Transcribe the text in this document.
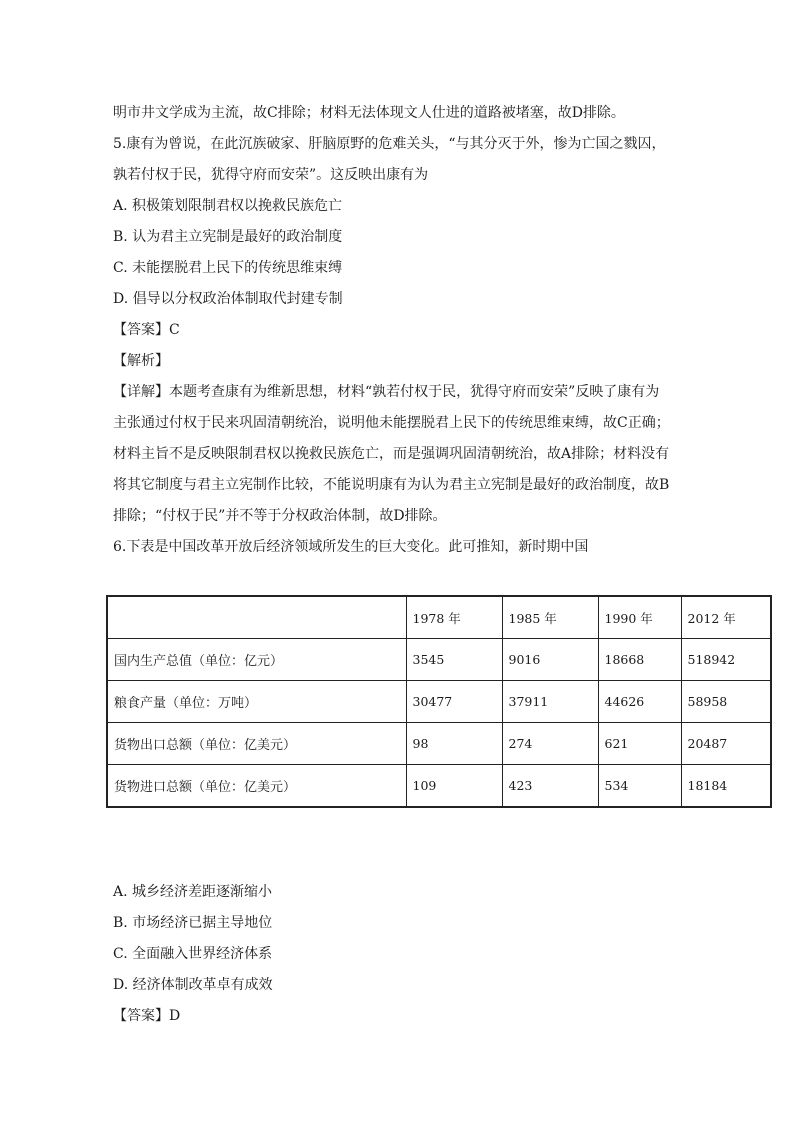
明市井文学成为主流，故C排除；材料无法体现文人仕进的道路被堵塞，故D排除。
5.康有为曾说，在此沉族破家、肝脑原野的危难关头，“与其分灭于外，惨为亡国之戮囚，
孰若付权于民，犹得守府而安荣”。这反映出康有为
A. 积极策划限制君权以挽救民族危亡
B. 认为君主立宪制是最好的政治制度
C. 未能摆脱君上民下的传统思维束缚
D. 倡导以分权政治体制取代封建专制
【答案】C
【解析】
【详解】本题考查康有为维新思想，材料“孰若付权于民，犹得守府而安荣”反映了康有为
主张通过付权于民来巩固清朝统治，说明他未能摆脱君上民下的传统思维束缚，故C正确；
材料主旨不是反映限制君权以挽救民族危亡，而是强调巩固清朝统治，故A排除；材料没有
将其它制度与君主立宪制作比较，不能说明康有为认为君主立宪制是最好的政治制度，故B
排除；“付权于民”并不等于分权政治体制，故D排除。
6.下表是中国改革开放后经济领域所发生的巨大变化。此可推知，新时期中国
	1978 年	1985 年	1990 年	2012 年
国内生产总值（单位：亿元）	3545	9016	18668	518942
粮食产量（单位：万吨）	30477	37911	44626	58958
货物出口总额（单位：亿美元）	98	274	621	20487
货物进口总额（单位：亿美元）	109	423	534	18184
A. 城乡经济差距逐渐缩小
B. 市场经济已据主导地位
C. 全面融入世界经济体系
D. 经济体制改革卓有成效
【答案】D
